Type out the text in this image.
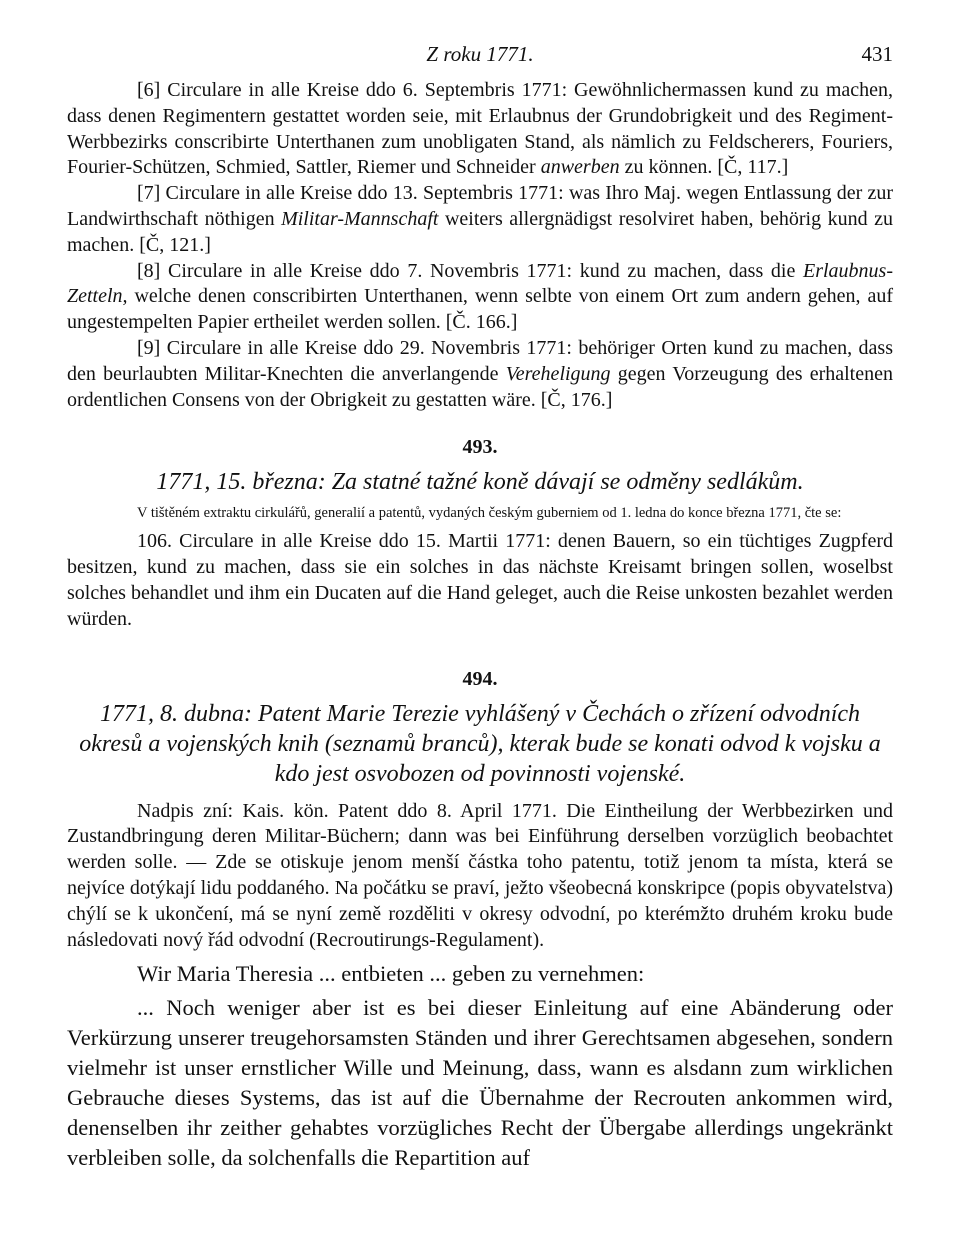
Z roku 1771.	431

[6] Circulare in alle Kreise ddo 6. Septembris 1771: Gewöhnlichermassen kund zu machen, dass denen Regimentern gestattet worden seie, mit Erlaubnus der Grundobrigkeit und des Regiment-Werbbezirks conscribirte Unterthanen zum unobligaten Stand, als nämlich zu Feldscherers, Fouriers, Fourier-Schützen, Schmied, Sattler, Riemer und Schneider anwerben zu können. [Č, 117.]

[7] Circulare in alle Kreise ddo 13. Septembris 1771: was Ihro Maj. wegen Entlassung der zur Landwirthschaft nöthigen Militar-Mannschaft weiters allergnädigst resolviret haben, behörig kund zu machen. [Č, 121.]

[8] Circulare in alle Kreise ddo 7. Novembris 1771: kund zu machen, dass die Erlaubnus-Zetteln, welche denen conscribirten Unterthanen, wenn selbte von einem Ort zum andern gehen, auf ungestempelten Papier ertheilet werden sollen. [Č. 166.]

[9] Circulare in alle Kreise ddo 29. Novembris 1771: behöriger Orten kund zu machen, dass den beurlaubten Militar-Knechten die anverlangende Vereheligung gegen Vorzeugung des erhaltenen ordentlichen Consens von der Obrigkeit zu gestatten wäre. [Č, 176.]

493.
1771, 15. března: Za statné tažné koně dávají se odměny sedlákům.

V tištěném extraktu cirkulářů, generalií a patentů, vydaných českým guberniem od 1. ledna do konce března 1771, čte se:

106. Circulare in alle Kreise ddo 15. Martii 1771: denen Bauern, so ein tüchtiges Zugpferd besitzen, kund zu machen, dass sie ein solches in das nächste Kreisamt bringen sollen, woselbst solches behandlet und ihm ein Ducaten auf die Hand geleget, auch die Reise unkosten bezahlet werden würden.

494.
1771, 8. dubna: Patent Marie Terezie vyhlášený v Čechách o zřízení odvodních okresů a vojenských knih (seznamů branců), kterak bude se konati odvod k vojsku a kdo jest osvobozen od povinnosti vojenské.

Nadpis zní: Kais. kön. Patent ddo 8. April 1771. Die Eintheilung der Werbbezirken und Zustandbringung deren Militar-Büchern; dann was bei Einführung derselben vorzüglich beobachtet werden solle. — Zde se otiskuje jenom menší částka toho patentu, totiž jenom ta místa, která se nejvíce dotýkají lidu poddaného. Na počátku se praví, ježto všeobecná konskripce (popis obyvatelstva) chýlí se k ukončení, má se nyní země rozděliti v okresy odvodní, po kterémžto druhém kroku bude následovati nový řád odvodní (Recroutirungs-Regulament).

Wir Maria Theresia ... entbieten ... geben zu vernehmen:

... Noch weniger aber ist es bei dieser Einleitung auf eine Abänderung oder Verkürzung unserer treugehorsamsten Ständen und ihrer Gerechtsamen abgesehen, sondern vielmehr ist unser ernstlicher Wille und Meinung, dass, wann es alsdann zum wirklichen Gebrauche dieses Systems, das ist auf die Übernahme der Recrouten ankommen wird, denenselben ihr zeither gehabtes vorzügliches Recht der Übergabe allerdings ungekränkt verbleiben solle, da solchenfalls die Repartition auf
